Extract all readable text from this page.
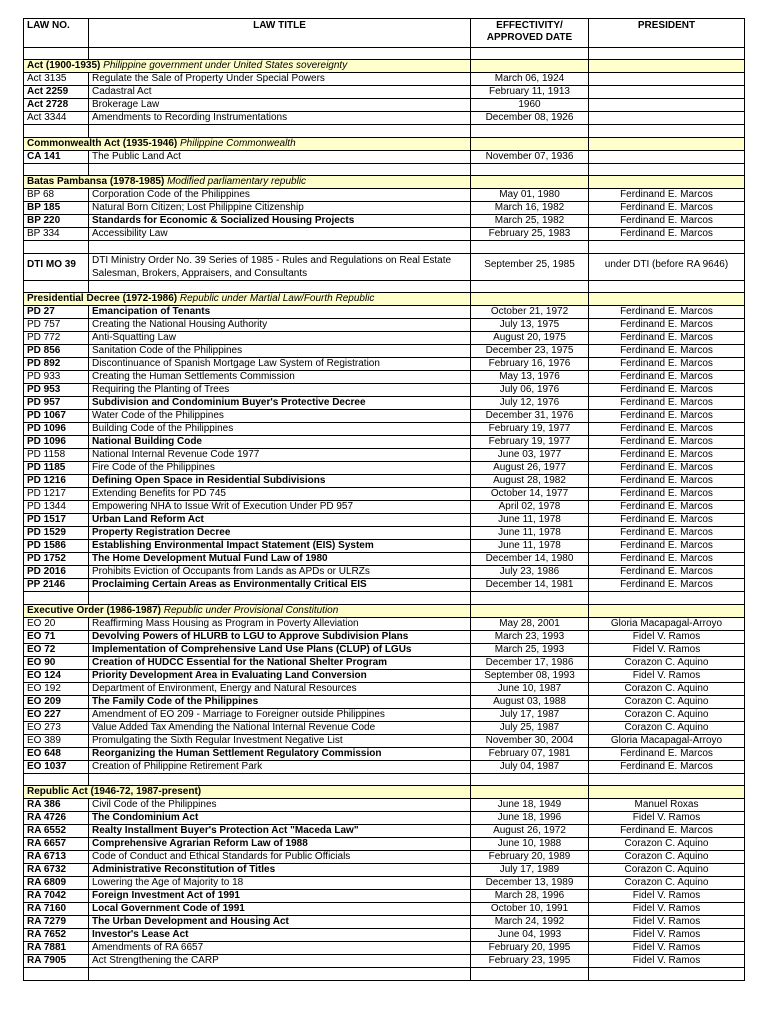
LAW NO.	LAW TITLE	EFFECTIVITY/ APPROVED DATE	PRESIDENT

Act (1900-1935) Philippine government under United States sovereignty			
Act 3135	Regulate the Sale of Property Under Special Powers	March 06, 1924	
Act 2259	Cadastral Act	February 11, 1913	
Act 2728	Brokerage Law	1960	
Act 3344	Amendments to Recording Instrumentations	December 08, 1926	

Commonwealth Act (1935-1946) Philippine Commonwealth			
CA 141	The Public Land Act	November 07, 1936	

Batas Pambansa (1978-1985) Modified parliamentary republic			
BP 68	Corporation Code of the Philippines	May 01, 1980	Ferdinand E. Marcos
BP 185	Natural Born Citizen; Lost Philippine Citizenship	March 16, 1982	Ferdinand E. Marcos
BP 220	Standards for Economic & Socialized Housing Projects	March 25, 1982	Ferdinand E. Marcos
BP 334	Accessibility Law	February 25, 1983	Ferdinand E. Marcos

DTI MO 39	DTI Ministry Order No. 39 Series of 1985 - Rules and Regulations on Real Estate Salesman, Brokers, Appraisers, and Consultants	September 25, 1985	under DTI (before RA 9646)

Presidential Decree (1972-1986) Republic under Martial Law/Fourth Republic			
PD 27	Emancipation of Tenants	October 21, 1972	Ferdinand E. Marcos
PD 757	Creating the National Housing Authority	July 13, 1975	Ferdinand E. Marcos
PD 772	Anti-Squatting Law	August 20, 1975	Ferdinand E. Marcos
PD 856	Sanitation Code of the Philippines	December 23, 1975	Ferdinand E. Marcos
PD 892	Discontinuance of Spanish Mortgage Law System of Registration	February 16, 1976	Ferdinand E. Marcos
PD 933	Creating the Human Settlements Commission	May 13, 1976	Ferdinand E. Marcos
PD 953	Requiring the Planting of Trees	July 06, 1976	Ferdinand E. Marcos
PD 957	Subdivision and Condominium Buyer's Protective Decree	July 12, 1976	Ferdinand E. Marcos
PD 1067	Water Code of the Philippines	December 31, 1976	Ferdinand E. Marcos
PD 1096	Building Code of the Philippines	February 19, 1977	Ferdinand E. Marcos
PD 1096	National Building Code	February 19, 1977	Ferdinand E. Marcos
PD 1158	National Internal Revenue Code 1977	June 03, 1977	Ferdinand E. Marcos
PD 1185	Fire Code of the Philippines	August 26, 1977	Ferdinand E. Marcos
PD 1216	Defining Open Space in Residential Subdivisions	August 28, 1982	Ferdinand E. Marcos
PD 1217	Extending Benefits for PD 745	October 14, 1977	Ferdinand E. Marcos
PD 1344	Empowering NHA to Issue Writ of Execution Under PD 957	April 02, 1978	Ferdinand E. Marcos
PD 1517	Urban Land Reform Act	June 11, 1978	Ferdinand E. Marcos
PD 1529	Property Registration Decree	June 11, 1978	Ferdinand E. Marcos
PD 1586	Establishing Environmental Impact Statement (EIS) System	June 11, 1978	Ferdinand E. Marcos
PD 1752	The Home Development Mutual Fund Law of 1980	December 14, 1980	Ferdinand E. Marcos
PD 2016	Prohibits Eviction of Occupants from Lands as APDs or ULRZs	July 23, 1986	Ferdinand E. Marcos
PP 2146	Proclaiming Certain Areas as Environmentally Critical EIS	December 14, 1981	Ferdinand E. Marcos

Executive Order (1986-1987) Republic under Provisional Constitution			
EO 20	Reaffirming Mass Housing as Program in Poverty Alleviation	May 28, 2001	Gloria Macapagal-Arroyo
EO 71	Devolving Powers of HLURB to LGU to Approve Subdivision Plans	March 23, 1993	Fidel V. Ramos
EO 72	Implementation of Comprehensive Land Use Plans (CLUP) of LGUs	March 25, 1993	Fidel V. Ramos
EO 90	Creation of HUDCC Essential for the National Shelter Program	December 17, 1986	Corazon C. Aquino
EO 124	Priority Development Area in Evaluating Land Conversion	September 08, 1993	Fidel V. Ramos
EO 192	Department of Environment, Energy and Natural Resources	June 10, 1987	Corazon C. Aquino
EO 209	The Family Code of the Philippines	August 03, 1988	Corazon C. Aquino
EO 227	Amendment of EO 209 - Marriage to Foreigner outside Philippines	July 17, 1987	Corazon C. Aquino
EO 273	Value Added Tax Amending the National Internal Revenue Code	July 25, 1987	Corazon C. Aquino
EO 389	Promulgating the Sixth Regular Investment Negative List	November 30, 2004	Gloria Macapagal-Arroyo
EO 648	Reorganizing the Human Settlement Regulatory Commission	February 07, 1981	Ferdinand E. Marcos
EO 1037	Creation of Philippine Retirement Park	July 04, 1987	Ferdinand E. Marcos

Republic Act (1946-72, 1987-present)			
RA 386	Civil Code of the Philippines	June 18, 1949	Manuel Roxas
RA 4726	The Condominium Act	June 18, 1996	Fidel V. Ramos
RA 6552	Realty Installment Buyer's Protection Act "Maceda Law"	August 26, 1972	Ferdinand E. Marcos
RA 6657	Comprehensive Agrarian Reform Law of 1988	June 10, 1988	Corazon C. Aquino
RA 6713	Code of Conduct and Ethical Standards for Public Officials	February 20, 1989	Corazon C. Aquino
RA 6732	Administrative Reconstitution of Titles	July 17, 1989	Corazon C. Aquino
RA 6809	Lowering the Age of Majority to 18	December 13, 1989	Corazon C. Aquino
RA 7042	Foreign Investment Act of 1991	March 28, 1996	Fidel V. Ramos
RA 7160	Local Government Code of 1991	October 10, 1991	Fidel V. Ramos
RA 7279	The Urban Development and Housing Act	March 24, 1992	Fidel V. Ramos
RA 7652	Investor's Lease Act	June 04, 1993	Fidel V. Ramos
RA 7881	Amendments of RA 6657	February 20, 1995	Fidel V. Ramos
RA 7905	Act Strengthening the CARP	February 23, 1995	Fidel V. Ramos
